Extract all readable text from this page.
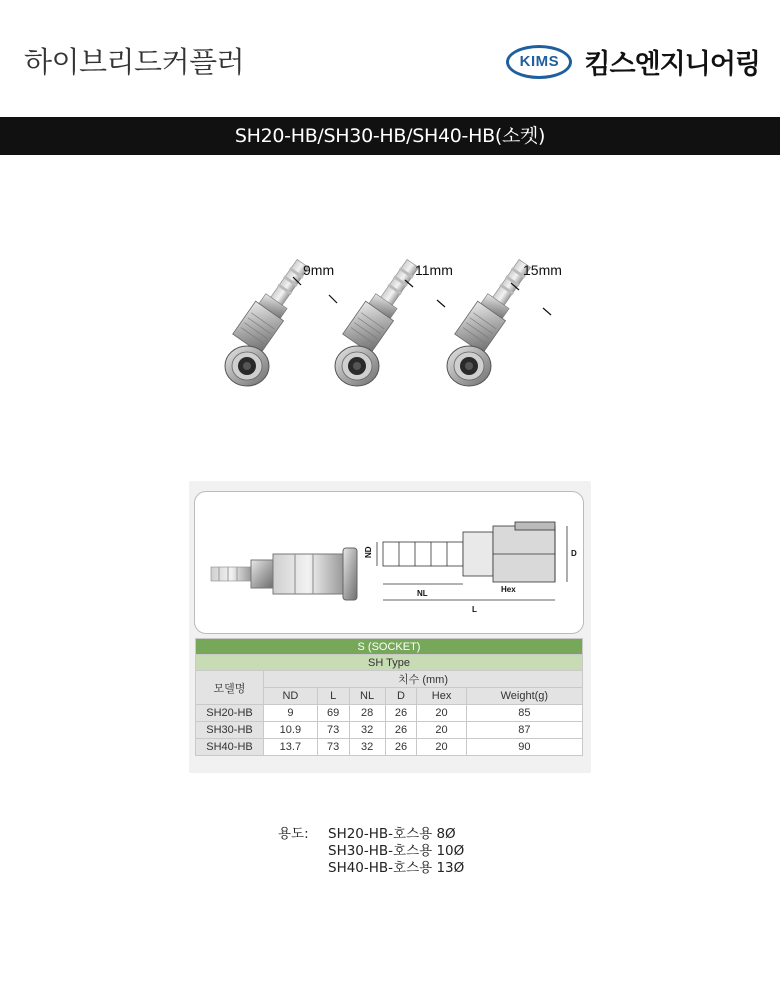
하이브리드커플러	KIMS 킴스엔지니어링
SH20-HB/SH30-HB/SH40-HB(소켓)
9mm	11mm	15mm
ND
NL
L
Hex
D
S (SOCKET)						
SH Type						
모델명	치수 (mm)					
	ND	L	NL	D	Hex	Weight(g)
SH20-HB	9	69	28	26	20	85
SH30-HB	10.9	73	32	26	20	87
SH40-HB	13.7	73	32	26	20	90
용도:	SH20-HB-호스용 8Ø
SH30-HB-호스용 10Ø
SH40-HB-호스용 13Ø
